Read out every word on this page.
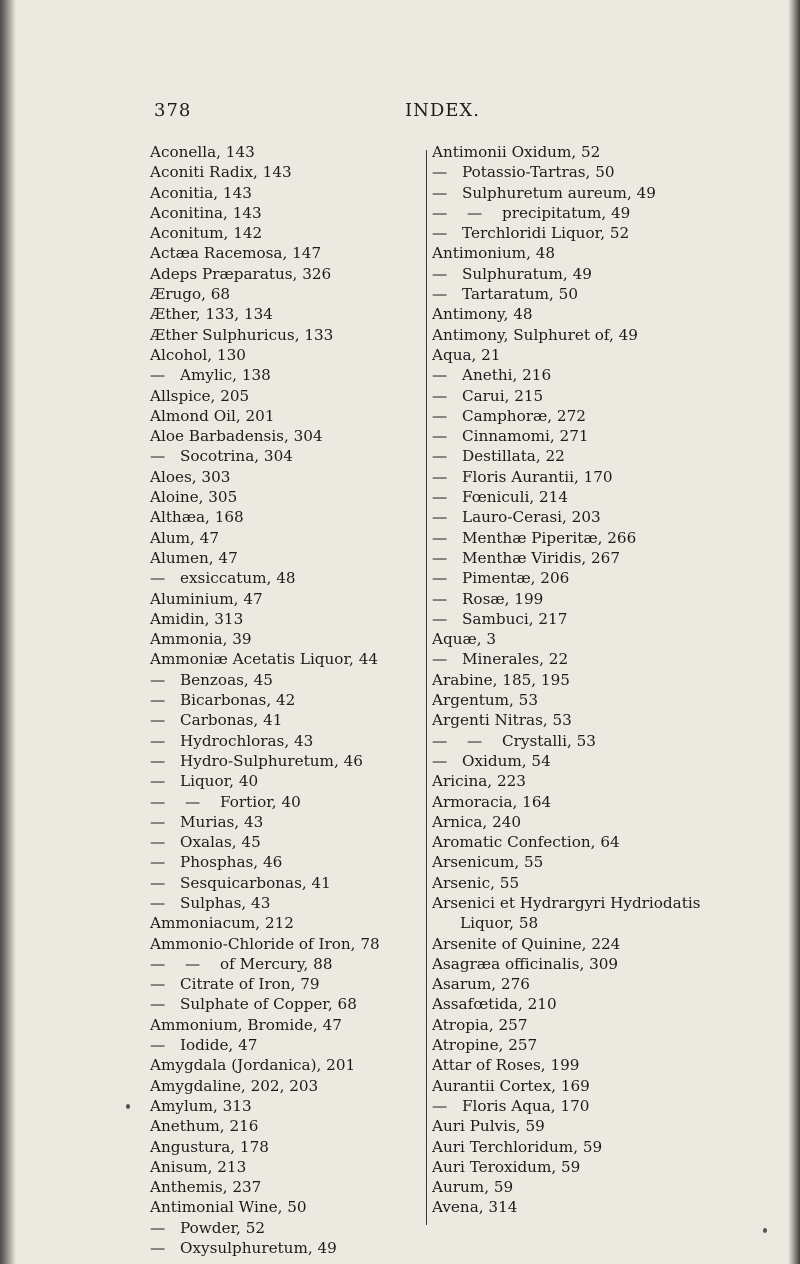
378	INDEX.
Aconella, 143
Aconiti Radix, 143
Aconitia, 143
Aconitina, 143
Aconitum, 142
Actæa Racemosa, 147
Adeps Præparatus, 326
Ærugo, 68
Æther, 133, 134
Æther Sulphuricus, 133
Alcohol, 130
— Amylic, 138
Allspice, 205
Almond Oil, 201
Aloe Barbadensis, 304
— Socotrina, 304
Aloes, 303
Aloine, 305
Althæa, 168
Alum, 47
Alumen, 47
— exsiccatum, 48
Aluminium, 47
Amidin, 313
Ammonia, 39
Ammoniæ Acetatis Liquor, 44
— Benzoas, 45
— Bicarbonas, 42
— Carbonas, 41
— Hydrochloras, 43
— Hydro-Sulphuretum, 46
— Liquor, 40
— — Fortior, 40
— Murias, 43
— Oxalas, 45
— Phosphas, 46
— Sesquicarbonas, 41
— Sulphas, 43
Ammoniacum, 212
Ammonio-Chloride of Iron, 78
— — of Mercury, 88
— Citrate of Iron, 79
— Sulphate of Copper, 68
Ammonium, Bromide, 47
— Iodide, 47
Amygdala (Jordanica), 201
Amygdaline, 202, 203
Amylum, 313
Anethum, 216
Angustura, 178
Anisum, 213
Anthemis, 237
Antimonial Wine, 50
— Powder, 52
— Oxysulphuretum, 49
Antimonii Oxidum, 52
— Potassio-Tartras, 50
— Sulphuretum aureum, 49
— — precipitatum, 49
— Terchloridi Liquor, 52
Antimonium, 48
— Sulphuratum, 49
— Tartaratum, 50
Antimony, 48
Antimony, Sulphuret of, 49
Aqua, 21
— Anethi, 216
— Carui, 215
— Camphoræ, 272
— Cinnamomi, 271
— Destillata, 22
— Floris Aurantii, 170
— Fœniculi, 214
— Lauro-Cerasi, 203
— Menthæ Piperitæ, 266
— Menthæ Viridis, 267
— Pimentæ, 206
— Rosæ, 199
— Sambuci, 217
Aquæ, 3
— Minerales, 22
Arabine, 185, 195
Argentum, 53
Argenti Nitras, 53
— — Crystalli, 53
— Oxidum, 54
Aricina, 223
Armoracia, 164
Arnica, 240
Aromatic Confection, 64
Arsenicum, 55
Arsenic, 55
Arsenici et Hydrargyri Hydriodatis
Liquor, 58
Arsenite of Quinine, 224
Asagræa officinalis, 309
Asarum, 276
Assafœtida, 210
Atropia, 257
Atropine, 257
Attar of Roses, 199
Aurantii Cortex, 169
— Floris Aqua, 170
Auri Pulvis, 59
Auri Terchloridum, 59
Auri Teroxidum, 59
Aurum, 59
Avena, 314
